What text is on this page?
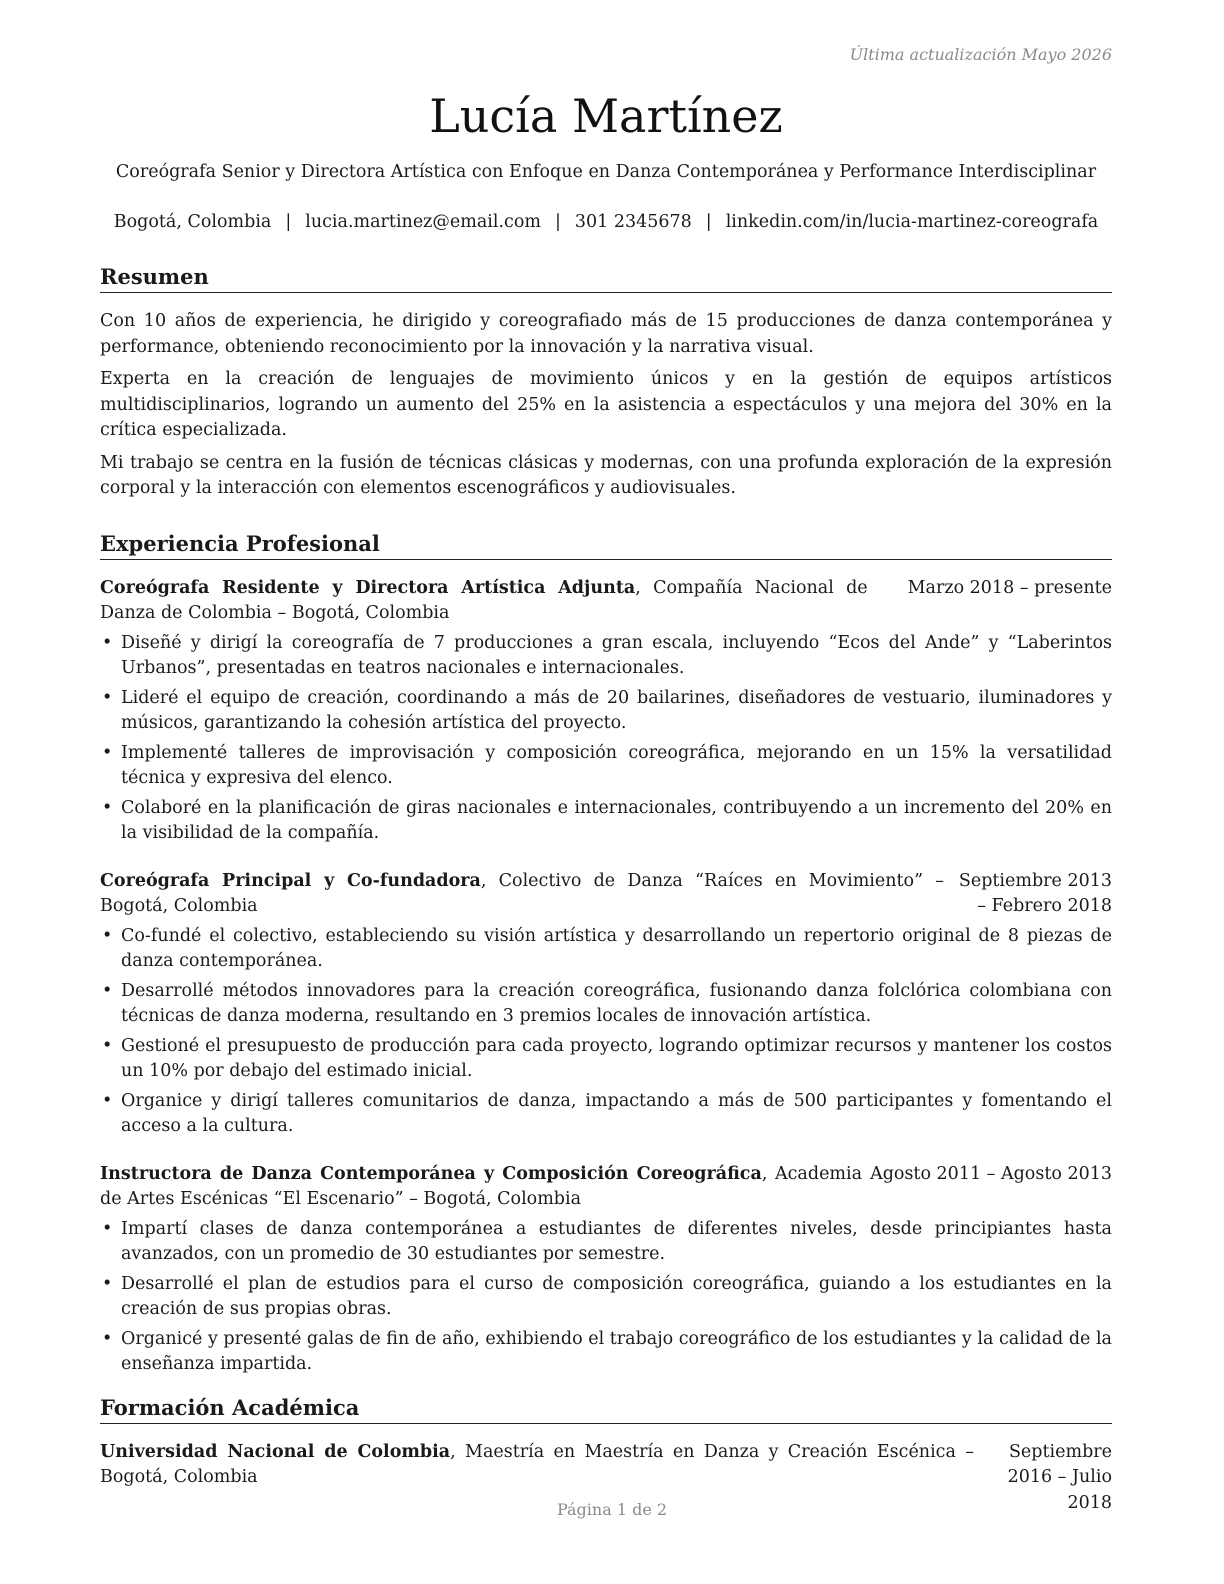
Última actualización Mayo 2026
Lucía Martínez
Coreógrafa Senior y Directora Artística con Enfoque en Danza Contemporánea y Performance Interdisciplinar
Bogotá, Colombia | lucia.martinez@email.com | 301 2345678 | linkedin.com/in/lucia-martinez-coreografa
Resumen

Con 10 años de experiencia, he dirigido y coreografiado más de 15 producciones de danza contemporánea y performance, obteniendo reconocimiento por la innovación y la narrativa visual.

Experta en la creación de lenguajes de movimiento únicos y en la gestión de equipos artísticos multidisciplinarios, logrando un aumento del 25% en la asistencia a espectáculos y una mejora del 30% en la crítica especializada.

Mi trabajo se centra en la fusión de técnicas clásicas y modernas, con una profunda exploración de la expresión corporal y la interacción con elementos escenográficos y audiovisuales.

Experiencia Profesional
Coreógrafa Residente y Directora Artística Adjunta, Compañía Nacional de Danza de Colombia – Bogotá, Colombia
Marzo 2018 – presente
• Diseñé y dirigí la coreografía de 7 producciones a gran escala, incluyendo “Ecos del Ande” y “Laberintos Urbanos”, presentadas en teatros nacionales e internacionales.
• Lideré el equipo de creación, coordinando a más de 20 bailarines, diseñadores de vestuario, iluminadores y músicos, garantizando la cohesión artística del proyecto.
• Implementé talleres de improvisación y composición coreográfica, mejorando en un 15% la versatilidad técnica y expresiva del elenco.
• Colaboré en la planificación de giras nacionales e internacionales, contribuyendo a un incremento del 20% en la visibilidad de la compañía.
Coreógrafa Principal y Co-fundadora, Colectivo de Danza “Raíces en Movimiento” – Bogotá, Colombia
Septiembre 2013 – Febrero 2018
• Co-fundé el colectivo, estableciendo su visión artística y desarrollando un repertorio original de 8 piezas de danza contemporánea.
• Desarrollé métodos innovadores para la creación coreográfica, fusionando danza folclórica colombiana con técnicas de danza moderna, resultando en 3 premios locales de innovación artística.
• Gestioné el presupuesto de producción para cada proyecto, logrando optimizar recursos y mantener los costos un 10% por debajo del estimado inicial.
• Organice y dirigí talleres comunitarios de danza, impactando a más de 500 participantes y fomentando el acceso a la cultura.
Instructora de Danza Contemporánea y Composición Coreográfica, Academia de Artes Escénicas “El Escenario” – Bogotá, Colombia
Agosto 2011 – Agosto 2013
• Impartí clases de danza contemporánea a estudiantes de diferentes niveles, desde principiantes hasta avanzados, con un promedio de 30 estudiantes por semestre.
• Desarrollé el plan de estudios para el curso de composición coreográfica, guiando a los estudiantes en la creación de sus propias obras.
• Organicé y presenté galas de fin de año, exhibiendo el trabajo coreográfico de los estudiantes y la calidad de la enseñanza impartida.
Formación Académica
Universidad Nacional de Colombia, Maestría en Maestría en Danza y Creación Escénica – Bogotá, Colombia
Septiembre 2016 – Julio 2018
Página 1 de 2
